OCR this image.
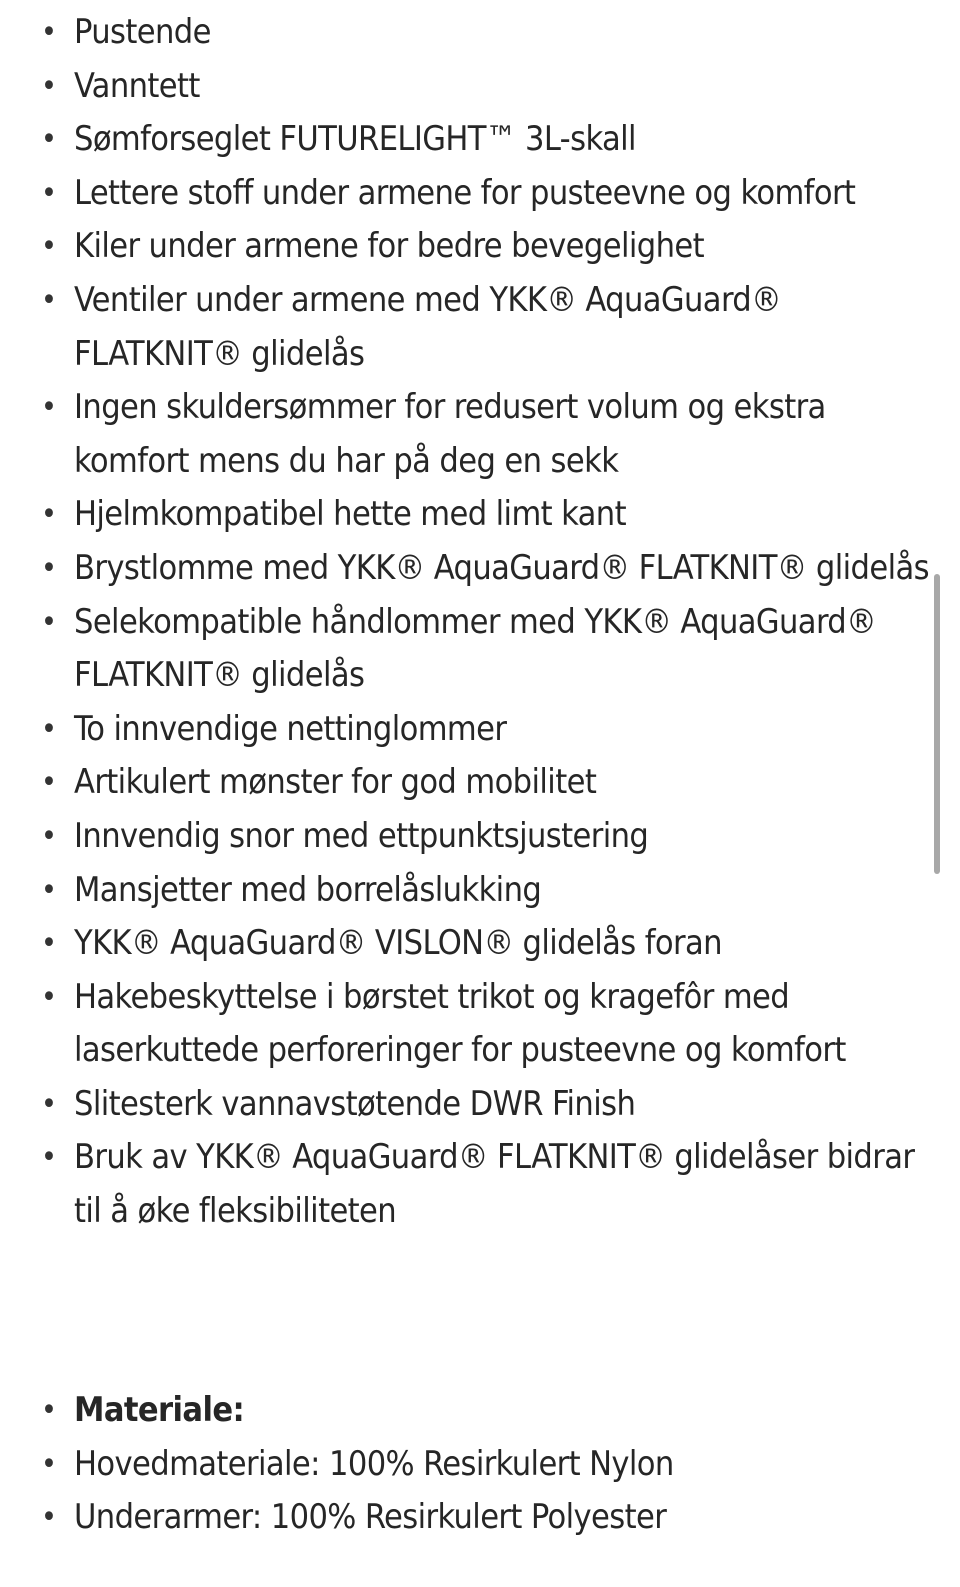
• Pustende
• Vanntett
• Sømforseglet FUTURELIGHT™ 3L-skall
• Lettere stoff under armene for pusteevne og komfort
• Kiler under armene for bedre bevegelighet
• Ventiler under armene med YKK® AquaGuard® FLATKNIT® glidelås
• Ingen skuldersømmer for redusert volum og ekstra komfort mens du har på deg en sekk
• Hjelmkompatibel hette med limt kant
• Brystlomme med YKK® AquaGuard® FLATKNIT® glidelås
• Selekompatible håndlommer med YKK® AquaGuard® FLATKNIT® glidelås
• To innvendige nettinglommer
• Artikulert mønster for god mobilitet
• Innvendig snor med ettpunktsjustering
• Mansjetter med borrelåslukking
• YKK® AquaGuard® VISLON® glidelås foran
• Hakebeskyttelse i børstet trikot og kragefôr med laserkuttede perforeringer for pusteevne og komfort
• Slitesterk vannavstøtende DWR Finish
• Bruk av YKK® AquaGuard® FLATKNIT® glidelåser bidrar til å øke fleksibiliteten
• Materiale:
• Hovedmateriale: 100% Resirkulert Nylon
• Underarmer: 100% Resirkulert Polyester
